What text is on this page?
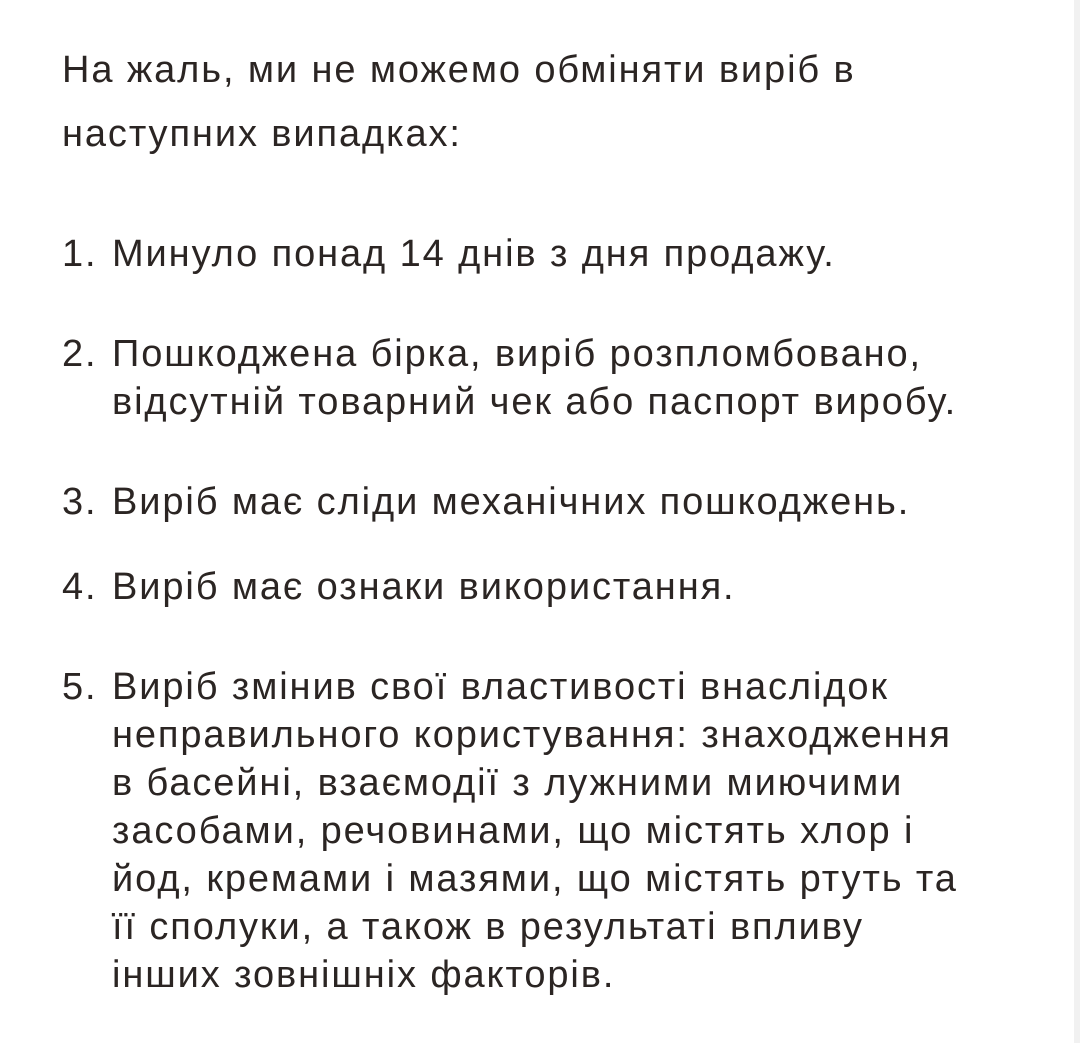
На жаль, ми не можемо обміняти виріб в
наступних випадках:

1. Минуло понад 14 днів з дня продажу.
2. Пошкоджена бірка, виріб розпломбовано,
відсутній товарний чек або паспорт виробу.
3. Виріб має сліди механічних пошкоджень.
4. Виріб має ознаки використання.
5. Виріб змінив свої властивості внаслідок
неправильного користування: знаходження
в басейні, взаємодії з лужними миючими
засобами, речовинами, що містять хлор і
йод, кремами і мазями, що містять ртуть та
її сполуки, а також в результаті впливу
інших зовнішніх факторів.
